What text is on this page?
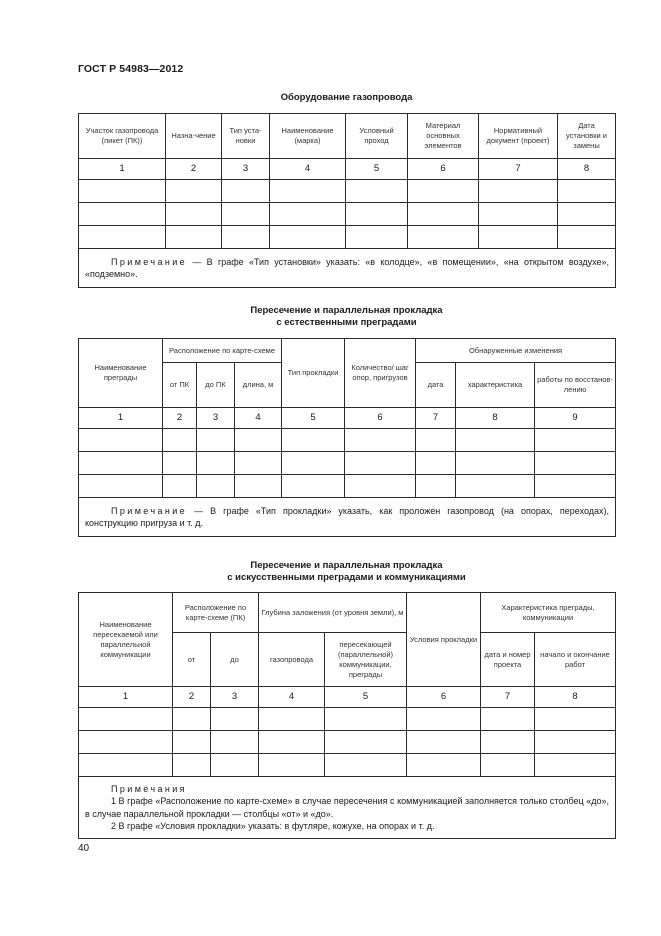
ГОСТ Р 54983—2012
Оборудование газопровода
Участок газопровода (пикет (ПК))	Назна-чение	Тип уста-новки	Наименование (марка)	Условный проход	Материал основных элементов	Нормативный документ (проект)	Дата установки и замены
1	2	3	4	5	6	7	8

Примечание — В графе «Тип установки» указать: «в колодце», «в помещении», «на открытом воздухе», «подземно».							
Пересечение и параллельная прокладка
с естественными преградами
Наименование преграды	Расположение по карте-схеме			Тип прокладки	Количество/ шаг опор, пригрузов	Обнаруженные изменения		
	от ПК	до ПК	длина, м			дата	характеристика	работы по восстанов-лению
1	2	3	4	5	6	7	8	9

Примечание — В графе «Тип прокладки» указать, как проложен газопровод (на опорах, переходах), конструкцию пригруза и т. д.								
Пересечение и параллельная прокладка
с искусственными преградами и коммуникациями
Наименование пересекаемой или параллельной коммуникации	Расположение по карте-схеме (ПК)		Глубина заложения (от уровня земли), м		Условия прокладки	Характеристика преграды, коммуникации	
	от	до	газопровода	пересекающей (параллельной) коммуникации, преграды		дата и номер проекта	начало и окончание работ
1	2	3	4	5	6	7	8

Примечания
1 В графе «Расположение по карте-схеме» в случае пересечения с коммуникацией заполняется только столбец «до», в случае параллельной прокладки — столбцы «от» и «до».
2 В графе «Условия прокладки» указать: в футляре, кожухе, на опорах и т. д.							
40
